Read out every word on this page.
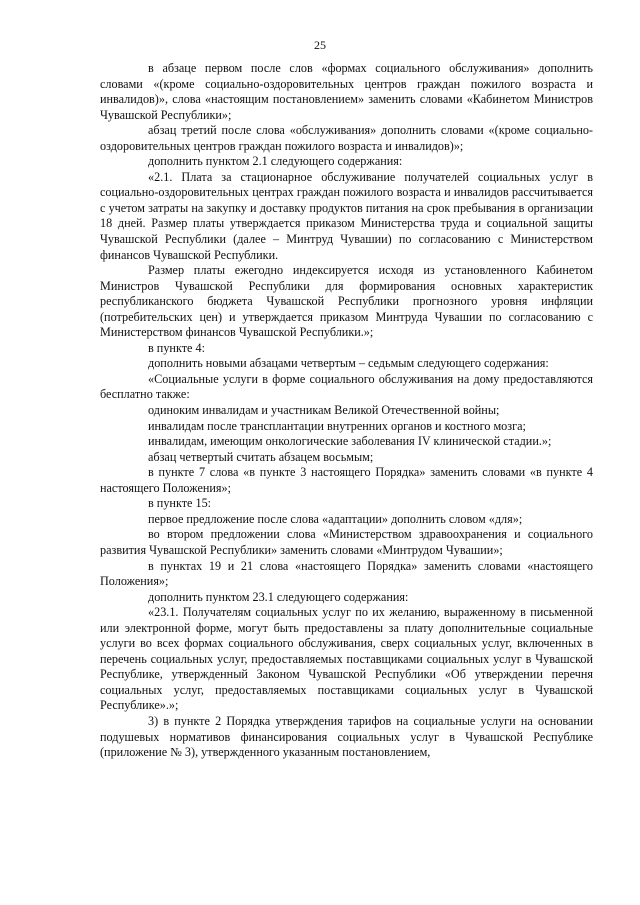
25

в абзаце первом после слов «формах социального обслуживания» дополнить словами «(кроме социально-оздоровительных центров граждан пожилого возраста и инвалидов)», слова «настоящим постановлением» заменить словами «Кабинетом Министров Чувашской Республики»;

абзац третий после слова «обслуживания» дополнить словами «(кроме социально-оздоровительных центров граждан пожилого возраста и инвалидов)»;

дополнить пунктом 2.1 следующего содержания:

«2.1. Плата за стационарное обслуживание получателей социальных услуг в социально-оздоровительных центрах граждан пожилого возраста и инвалидов рассчитывается с учетом затраты на закупку и доставку продуктов питания на срок пребывания в организации 18 дней. Размер платы утверждается приказом Министерства труда и социальной защиты Чувашской Республики (далее – Минтруд Чувашии) по согласованию с Министерством финансов Чувашской Республики.

Размер платы ежегодно индексируется исходя из установленного Кабинетом Министров Чувашской Республики для формирования основных характеристик республиканского бюджета Чувашской Республики прогнозного уровня инфляции (потребительских цен) и утверждается приказом Минтруда Чувашии по согласованию с Министерством финансов Чувашской Республики.»;

в пункте 4:

дополнить новыми абзацами четвертым – седьмым следующего содержания:

«Социальные услуги в форме социального обслуживания на дому предоставляются бесплатно также:

одиноким инвалидам и участникам Великой Отечественной войны;

инвалидам после трансплантации внутренних органов и костного мозга;

инвалидам, имеющим онкологические заболевания IV клинической стадии.»;

абзац четвертый считать абзацем восьмым;

в пункте 7 слова «в пункте 3 настоящего Порядка» заменить словами «в пункте 4 настоящего Положения»;

в пункте 15:

первое предложение после слова «адаптации» дополнить словом «для»;

во втором предложении слова «Министерством здравоохранения и социального развития Чувашской Республики» заменить словами «Минтрудом Чувашии»;

в пунктах 19 и 21 слова «настоящего Порядка» заменить словами «настоящего Положения»;

дополнить пунктом 23.1 следующего содержания:

«23.1. Получателям социальных услуг по их желанию, выраженному в письменной или электронной форме, могут быть предоставлены за плату дополнительные социальные услуги во всех формах социального обслуживания, сверх социальных услуг, включенных в перечень социальных услуг, предоставляемых поставщиками социальных услуг в Чувашской Республике, утвержденный Законом Чувашской Республики «Об утверждении перечня социальных услуг, предоставляемых поставщиками социальных услуг в Чувашской Республике».»;

3) в пункте 2 Порядка утверждения тарифов на социальные услуги на основании подушевых нормативов финансирования социальных услуг в Чувашской Республике (приложение № 3), утвержденного указанным постановлением,
